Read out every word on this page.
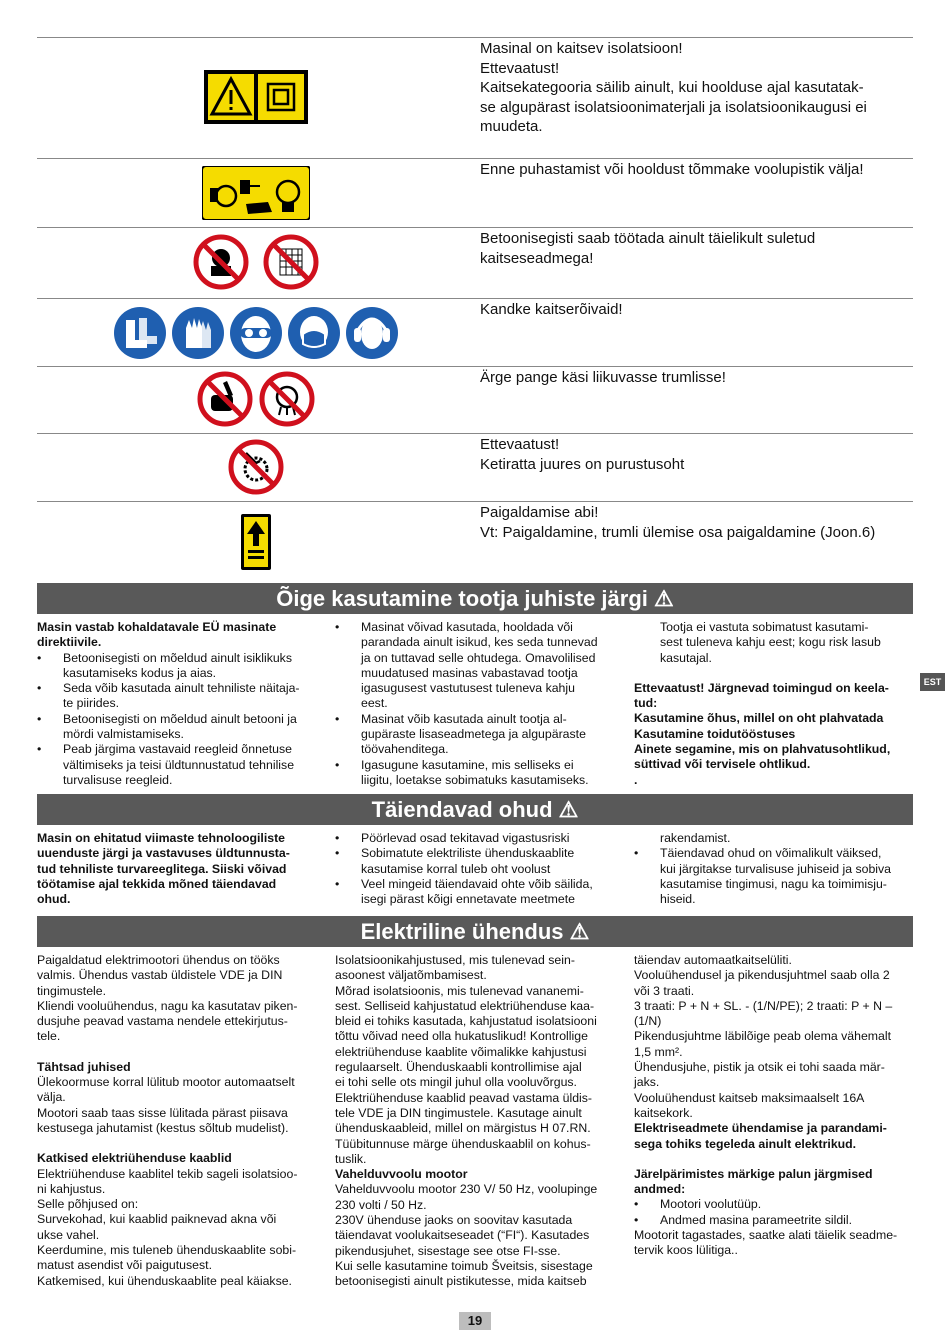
Masinal on kaitsev isolatsioon!
Ettevaatust!
Kaitsekategooria säilib ainult, kui hoolduse ajal kasutatak-
se algupärast isolatsioonimaterjali ja isolatsioonikaugusi ei
muudeta.
Enne puhastamist või hooldust tõmmake voolupistik välja!
Betoonisegisti saab töötada ainult täielikult suletud
kaitseseadmega!
Kandke kaitserõivaid!
Ärge pange käsi liikuvasse trumlisse!
Ettevaatust!
Ketiratta juures on purustusoht
Paigaldamise abi!
Vt: Paigaldamine, trumli ülemise osa paigaldamine (Joon.6)
Õige kasutamine tootja juhiste järgi ⚠

Masin vastab kohaldatavale EÜ masinate

direktiivile.

• Betoonisegisti on mõeldud ainult isiklikuks

kasutamiseks kodus ja aias.

• Seda võib kasutada ainult tehniliste näitaja-

te piirides.

• Betoonisegisti on mõeldud ainult betooni ja

mördi valmistamiseks.

• Peab järgima vastavaid reegleid õnnetuse

vältimiseks ja teisi üldtunnustatud tehnilise

turvalisuse reegleid.

• Masinat võivad kasutada, hooldada või

parandada ainult isikud, kes seda tunnevad

ja on tuttavad selle ohtudega. Omavolilised

muudatused masinas vabastavad tootja

igasugusest vastutusest tuleneva kahju

eest.

• Masinat võib kasutada ainult tootja al-

gupäraste lisaseadmetega ja algupäraste

töövahenditega.

• Igasugune kasutamine, mis selliseks ei

liigitu, loetakse sobimatuks kasutamiseks.

Tootja ei vastuta sobimatust kasutami-

sest tuleneva kahju eest; kogu risk lasub

kasutajal.

Ettevaatust! Järgnevad toimingud on keela-

tud:

Kasutamine õhus, millel on oht plahvatada

Kasutamine toidutööstuses

Ainete segamine, mis on plahvatusohtlikud,

süttivad või tervisele ohtlikud.

.

Täiendavad ohud ⚠

Masin on ehitatud viimaste tehnoloogiliste

uuenduste järgi ja vastavuses üldtunnusta-

tud tehniliste turvareeglitega. Siiski võivad

töötamise ajal tekkida mõned täiendavad

ohud.

• Pöörlevad osad tekitavad vigastusriski

• Sobimatute elektriliste ühenduskaablite

kasutamise korral tuleb oht voolust

• Veel mingeid täiendavaid ohte võib säilida,

isegi pärast kõigi ennetavate meetmete

rakendamist.

• Täiendavad ohud on võimalikult väiksed,

kui järgitakse turvalisuse juhiseid ja sobiva

kasutamise tingimusi, nagu ka toimimisju-

hiseid.

Elektriline ühendus ⚠

Paigaldatud elektrimootori ühendus on tööks

valmis. Ühendus vastab üldistele VDE ja DIN

tingimustele.

Kliendi vooluühendus, nagu ka kasutatav piken-

dusjuhe peavad vastama nendele ettekirjutus-

tele.

Tähtsad juhised

Ülekoormuse korral lülitub mootor automaatselt

välja.

Mootori saab taas sisse lülitada pärast piisava

kestusega jahutamist (kestus sõltub mudelist).

Katkised elektriühenduse kaablid

Elektriühenduse kaablitel tekib sageli isolatsioo-

ni kahjustus.

Selle põhjused on:

Survekohad, kui kaablid paiknevad akna või

ukse vahel.

Keerdumine, mis tuleneb ühenduskaablite sobi-

matust asendist või paigutusest.

Katkemised, kui ühenduskaablite peal käiakse.

Isolatsioonikahjustused, mis tulenevad sein-

asoonest väljatõmbamisest.

Mõrad isolatsioonis, mis tulenevad vananemi-

sest. Selliseid kahjustatud elektriühenduse kaa-

bleid ei tohiks kasutada, kahjustatud isolatsiooni

tõttu võivad need olla hukatuslikud! Kontrollige

elektriühenduse kaablite võimalikke kahjustusi

regulaarselt. Ühenduskaabli kontrollimise ajal

ei tohi selle ots mingil juhul olla vooluvõrgus.

Elektriühenduse kaablid peavad vastama üldis-

tele VDE ja DIN tingimustele. Kasutage ainult

ühenduskaableid, millel on märgistus H 07.RN.

Tüübitunnuse märge ühenduskaablil on kohus-

tuslik.

Vahelduvvoolu mootor

Vahelduvvoolu mootor 230 V/ 50 Hz, voolupinge

230 volti / 50 Hz.

230V ühenduse jaoks on soovitav kasutada

täiendavat voolukaitseseadet (“FI“). Kasutades

pikendusjuhet, sisestage see otse FI-sse.

Kui selle kasutamine toimub Šveitsis, sisestage

betoonisegisti ainult pistikutesse, mida kaitseb

täiendav automaatkaitselüliti.

Vooluühendusel ja pikendusjuhtmel saab olla 2

või 3 traati.

3 traati: P + N + SL. - (1/N/PE); 2 traati: P + N –

(1/N)

Pikendusjuhtme läbilõige peab olema vähemalt

1,5 mm².

Ühendusjuhe, pistik ja otsik ei tohi saada mär-

jaks.

Vooluühendust kaitseb maksimaalselt 16A

kaitsekork.

Elektriseadmete ühendamise ja parandami-

sega tohiks tegeleda ainult elektrikud.

Järelpärimistes märkige palun järgmised

andmed:

• Mootori voolutüüp.

• Andmed masina parameetrite sildil.

Mootorit tagastades, saatke alati täielik seadme-

tervik koos lülitiga..

EST
19
